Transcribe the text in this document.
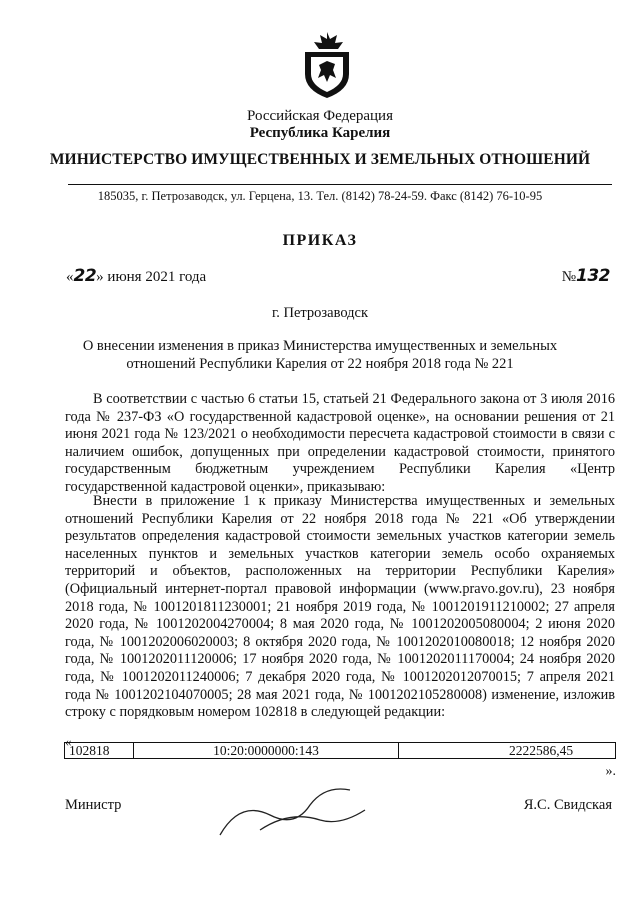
Российская Федерация
Республика Карелия
МИНИСТЕРСТВО ИМУЩЕСТВЕННЫХ И ЗЕМЕЛЬНЫХ ОТНОШЕНИЙ
185035, г. Петрозаводск, ул. Герцена, 13. Тел. (8142) 78-24-59. Факс (8142) 76-10-95
ПРИКАЗ
«22» июня 2021 года	№132
г. Петрозаводск
О внесении изменения в приказ Министерства имущественных и земельных отношений Республики Карелия от 22 ноября 2018 года № 221

В соответствии с частью 6 статьи 15, статьей 21 Федерального закона от 3 июля 2016 года № 237-ФЗ «О государственной кадастровой оценке», на основании решения от 21 июня 2021 года № 123/2021 о необходимости пересчета кадастровой стоимости в связи с наличием ошибок, допущенных при определении кадастровой стоимости, принятого государственным бюджетным учреждением Республики Карелия «Центр государственной кадастровой оценки», приказываю:

Внести в приложение 1 к приказу Министерства имущественных и земельных отношений Республики Карелия от 22 ноября 2018 года № 221 «Об утверждении результатов определения кадастровой стоимости земельных участков категории земель населенных пунктов и земельных участков категории земель особо охраняемых территорий и объектов, расположенных на территории Республики Карелия» (Официальный интернет-портал правовой информации (www.pravo.gov.ru), 23 ноября 2018 года, № 1001201811230001; 21 ноября 2019 года, № 1001201911210002; 27 апреля 2020 года, № 1001202004270004; 8 мая 2020 года, № 1001202005080004; 2 июня 2020 года, № 1001202006020003; 8 октября 2020 года, № 1001202010080018; 12 ноября 2020 года, № 1001202011120006; 17 ноября 2020 года, № 1001202011170004; 24 ноября 2020 года, № 1001202011240006; 7 декабря 2020 года, № 1001202012070015; 7 апреля 2021 года № 1001202104070005; 28 мая 2021 года, № 1001202105280008) изменение, изложив строку с порядковым номером 102818 в следующей редакции:

«
102818	10:20:0000000:143	2222586,45
».
Министр	Я.С. Свидская
